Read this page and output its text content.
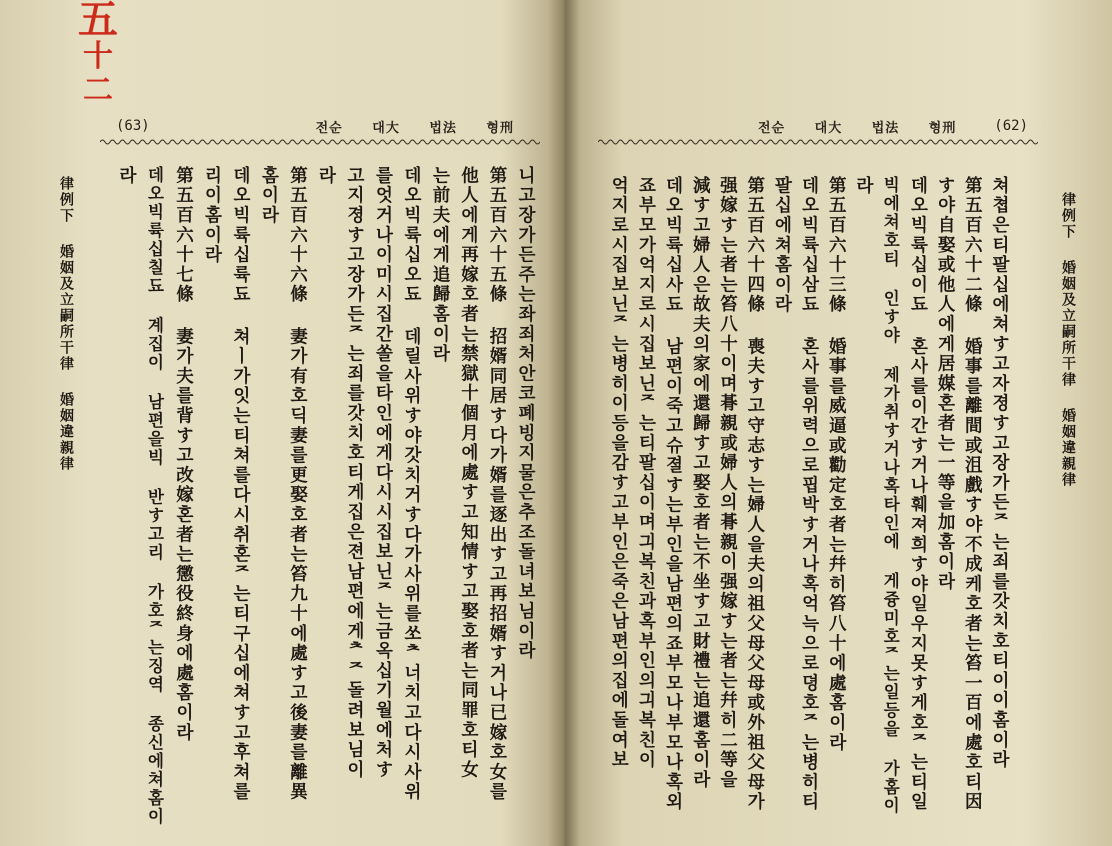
五
十二
(63)	전순 대大 법法 형刑
律例下婚姻及立嗣所干律婚姻違親律	니고장가든주는좌죄처안코폐빙지물은추조돌녀보님이라
第五百六十五條 招婿同居す다가婿를逐出す고再招婿す거나已嫁호女를
他人에게再嫁호者는禁獄十個月에處す고知情す고娶호者는同罪호티女
는前夫에게追歸홈이라
데오빅륙십오됴 데릴사위す야갓치거す다가사위를쏘ᄎ너치고다시사위
를엇거나이미시집간쏠을타인에게다시시집보닌ᄌ는금옥십기월에처す
고지졍す고장가든ᄌ는죄를갓치호티게집은젼남편에게ᄎᄌ돌려보님이
라
第五百六十六條 妻가有호딕妻를更娶호者는笞九十에處す고後妻를離異
홈이라
데오빅륙십륙됴 쳐ㅣ가잇는티쳐를다시취혼ᄌ는티구십에쳐す고후쳐를
리이홈이라
第五百六十七條 妻가夫를背す고改嫁혼者는懲役終身에處홈이라
데오빅륙십칠됴 계집이 남편을빅 반す고리 가호ᄌ는징역 종신에쳐홈이
라
전순 대大 법法 형刑	(62)
律例下婚姻及立嗣所干律婚姻違親律
쳐쳡은티팔십에쳐す고자졍す고장가든ᄌ는죄를갓치호티이이홈이라
第五百六十二條 婚事를離間或沮戲す야不成케호者는笞一百에處호티因
す야自娶或他人에게居媒혼者는一等을加홈이라
데오빅륙십이됴 혼사를이간す거나훼져희す야일우지못す게호ᄌ는티일
빅에쳐호티 인す야 제가취す거나혹타인에 게즁미호ᄌ는일등을 가홈이
라
第五百六十三條 婚事를威逼或勸定호者는幷히笞八十에處홈이라
데오빅륙십삼됴 혼사를위력으로핍박す거나혹억늑으로뎡호ᄌ는병히티
팔십에쳐홈이라
第五百六十四條 喪夫す고守志す는婦人을夫의祖父母父母或外祖父母가
强嫁す는者는笞八十이며朞親或婦人의朞親이强嫁す는者는幷히二等을
減す고婦人은故夫의家에還歸す고娶호者는不坐す고財禮는追還홈이라
데오빅륙십사됴 남편이죽고슈졀す는부인을남편의죠부모나부모나혹외
죠부모가억지로시집보닌ᄌ는티팔십이며긔복친과혹부인의긔복친이
억지로시집보닌ᄌ는병히이등을감す고부인은죽은남편의집에돌여보
